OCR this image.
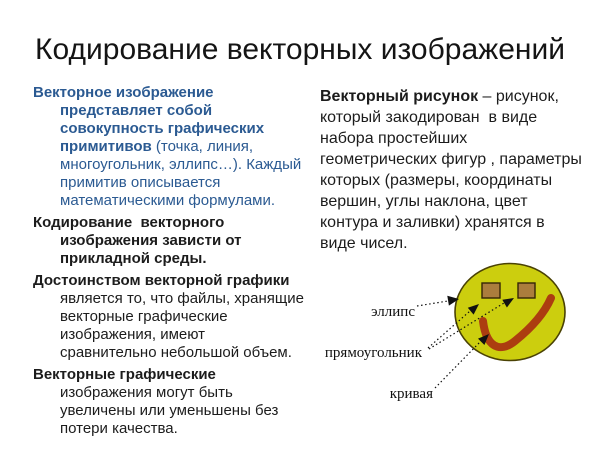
Кодирование векторных изображений

Векторное изображение представляет собой совокупность графических примитивов (точка, линия, многоугольник, эллипс…). Каждый примитив описывается математическими формулами.

Кодирование  векторного изображения зависти от прикладной среды.

Достоинством векторной графики является то, что файлы, хранящие векторные графические изображения, имеют сравнительно небольшой объем.

Векторные графические изображения могут быть увеличены или уменьшены без потери качества.

Векторный рисунок – рисунок, который закодирован  в виде набора простейших геометрических фигур , параметры которых (размеры, координаты вершин, углы наклона, цвет контура и заливки) хранятся в виде чисел.

эллипс
прямоугольник
кривая
